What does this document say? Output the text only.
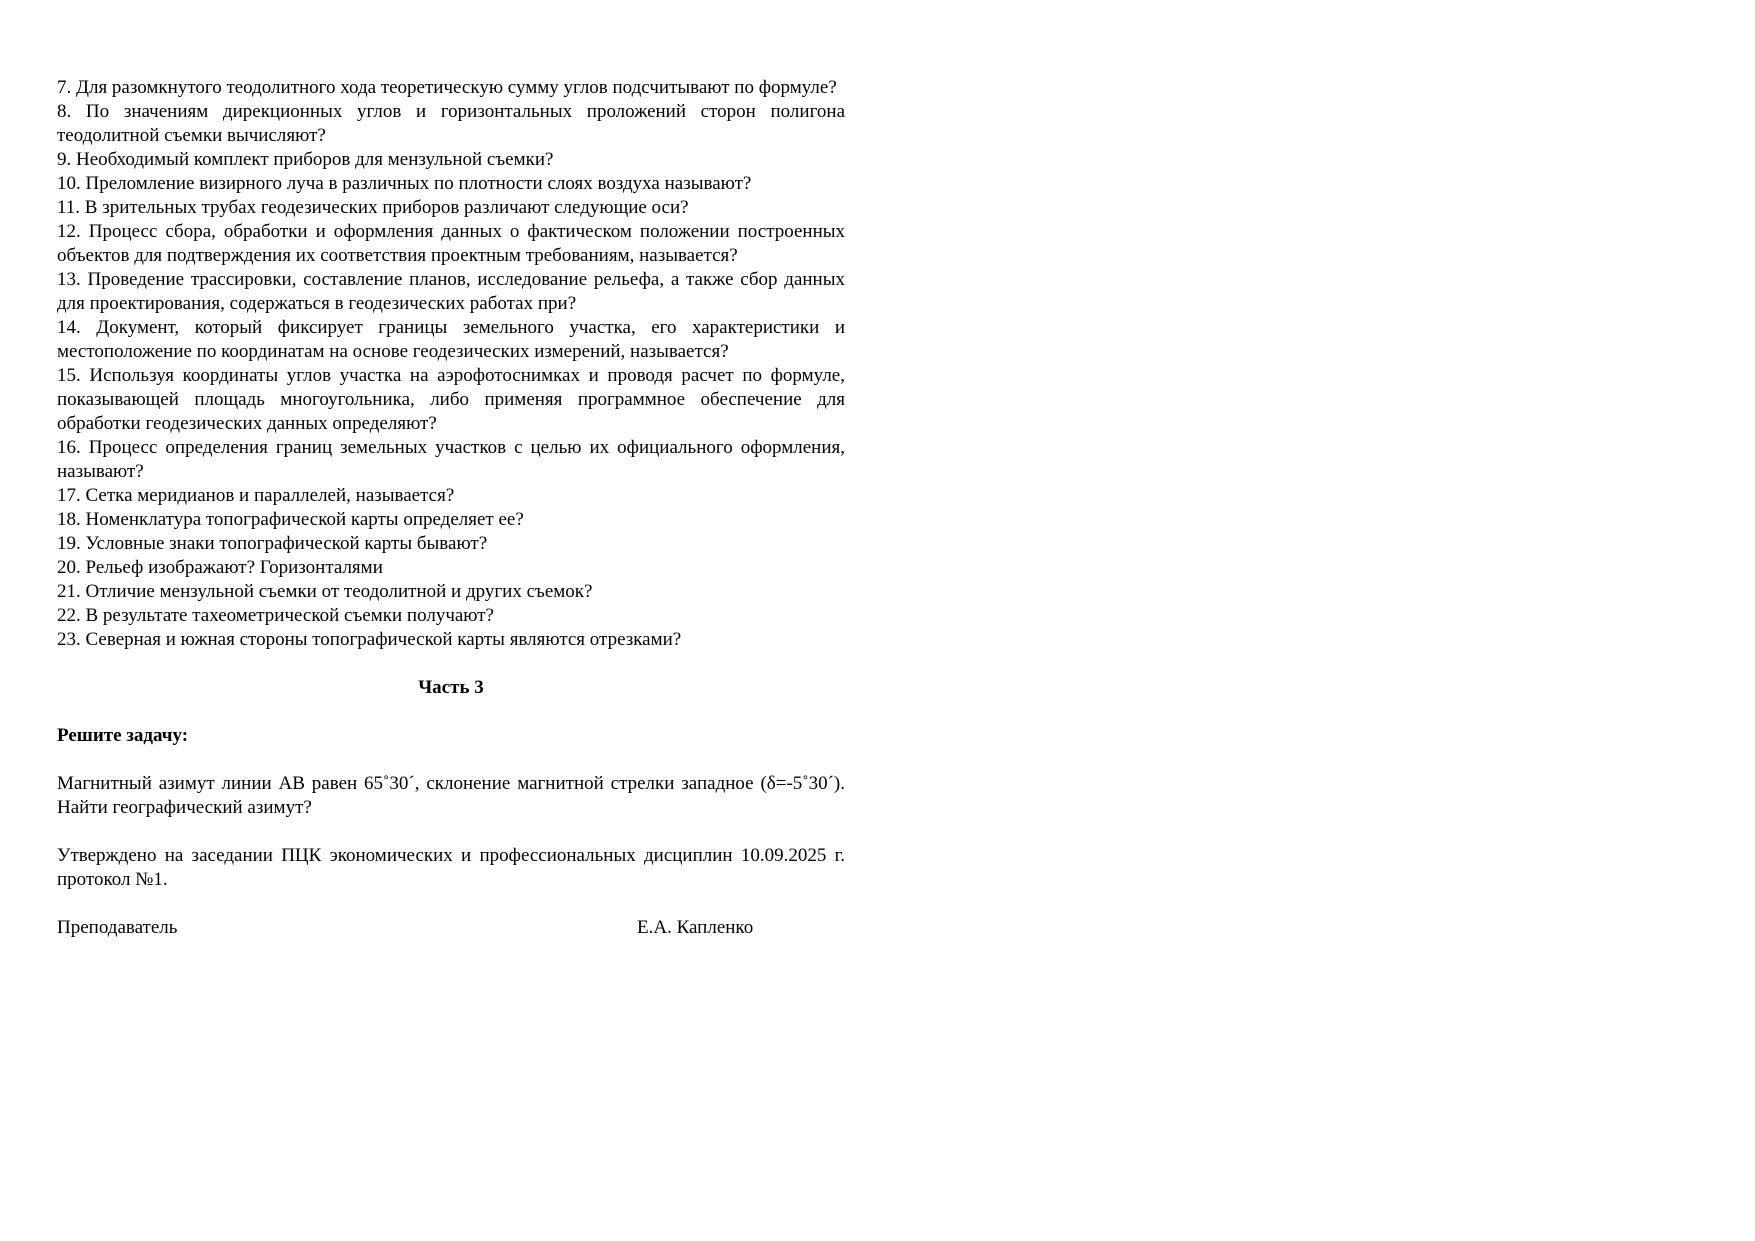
7. Для разомкнутого теодолитного хода теоретическую сумму углов подсчитывают по формуле?

8. По значениям дирекционных углов и горизонтальных проложений сторон полигона теодолитной съемки вычисляют?

9. Необходимый комплект приборов для мензульной съемки?

10. Преломление визирного луча в различных по плотности слоях воздуха называют?

11. В зрительных трубах геодезических приборов различают следующие оси?

12. Процесс сбора, обработки и оформления данных о фактическом положении построенных объектов для подтверждения их соответствия проектным требованиям, называется?

13. Проведение трассировки, составление планов, исследование рельефа, а также сбор данных для проектирования, содержаться в геодезических работах при?

14. Документ, который фиксирует границы земельного участка, его характеристики и местоположение по координатам на основе геодезических измерений, называется?

15. Используя координаты углов участка на аэрофотоснимках и проводя расчет по формуле, показывающей площадь многоугольника, либо применяя программное обеспечение для обработки геодезических данных определяют?

16. Процесс определения границ земельных участков с целью их официального оформления, называют?

17. Сетка меридианов и параллелей, называется?

18. Номенклатура топографической карты определяет ее?

19. Условные знаки топографической карты бывают?

20. Рельеф изображают? Горизонталями

21. Отличие мензульной съемки от теодолитной и других съемок?

22. В результате тахеометрической съемки получают?

23. Северная и южная стороны топографической карты являются отрезками?

Часть 3

Решите задачу:

Магнитный азимут линии АВ равен 65˚30´, склонение магнитной стрелки западное (δ=-5˚30´). Найти географический азимут?

Утверждено на заседании ПЦК экономических и профессиональных дисциплин 10.09.2025 г. протокол №1.

Преподаватель	Е.А. Капленко
